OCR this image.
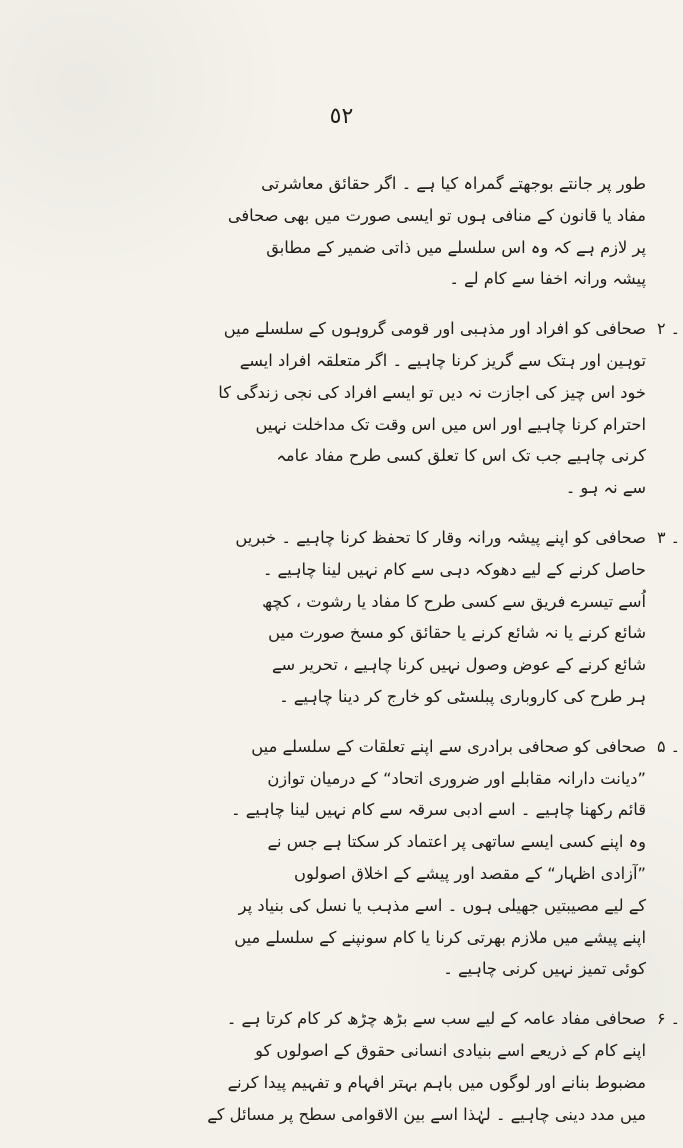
٥٢
طور پر جانتے بوجھتے گمراہ کیا ہے ۔ اگر حقائق معاشرتی
مفاد یا قانون کے منافی ہوں تو ایسی صورت میں بھی صحافی
پر لازم ہے کہ وہ اس سلسلے میں ذاتی ضمیر کے مطابق
پیشہ ورانہ اخفا سے کام لے ۔
۲ ۔
صحافی کو افراد اور مذہبی اور قومی گروہوں کے سلسلے میں
توہین اور ہتک سے گریز کرنا چاہیے ۔ اگر متعلقہ افراد ایسے
خود اس چیز کی اجازت نہ دیں تو ایسے افراد کی نجی زندگی کا
احترام کرنا چاہیے اور اس میں اس وقت تک مداخلت نہیں
کرنی چاہیے جب تک اس کا تعلق کسی طرح مفاد عامہ
سے نہ ہو ۔
۳ ۔
صحافی کو اپنے پیشہ ورانہ وقار کا تحفظ کرنا چاہیے ۔ خبریں
حاصل کرنے کے لیے دھوکہ دہی سے کام نہیں لینا چاہیے ۔
اُسے تیسرے فریق سے کسی طرح کا مفاد یا رشوت ، کچھ
شائع کرنے یا نہ شائع کرنے یا حقائق کو مسخ صورت میں
شائع کرنے کے عوض وصول نہیں کرنا چاہیے ، تحریر سے
ہر طرح کی کاروباری پبلسٹی کو خارج کر دینا چاہیے ۔
۵ ۔
صحافی کو صحافی برادری سے اپنے تعلقات کے سلسلے میں
”دیانت دارانہ مقابلے اور ضروری اتحاد“ کے درمیان توازن
قائم رکھنا چاہیے ۔ اسے ادبی سرقہ سے کام نہیں لینا چاہیے ۔
وہ اپنے کسی ایسے ساتھی پر اعتماد کر سکتا ہے جس نے
”آزادی اظہار“ کے مقصد اور پیشے کے اخلاق اصولوں
کے لیے مصیبتیں جھیلی ہوں ۔ اسے مذہب یا نسل کی بنیاد پر
اپنے پیشے میں ملازم بھرتی کرنا یا کام سونپنے کے سلسلے میں
کوئی تمیز نہیں کرنی چاہیے ۔
۶ ۔
صحافی مفاد عامہ کے لیے سب سے بڑھ چڑھ کر کام کرتا ہے ۔
اپنے کام کے ذریعے اسے بنیادی انسانی حقوق کے اصولوں کو
مضبوط بنانے اور لوگوں میں باہم بہتر افہام و تفہیم پیدا کرنے
میں مدد دینی چاہیے ۔ لہٰذا اسے بین الاقوامی سطح پر مسائل کے
